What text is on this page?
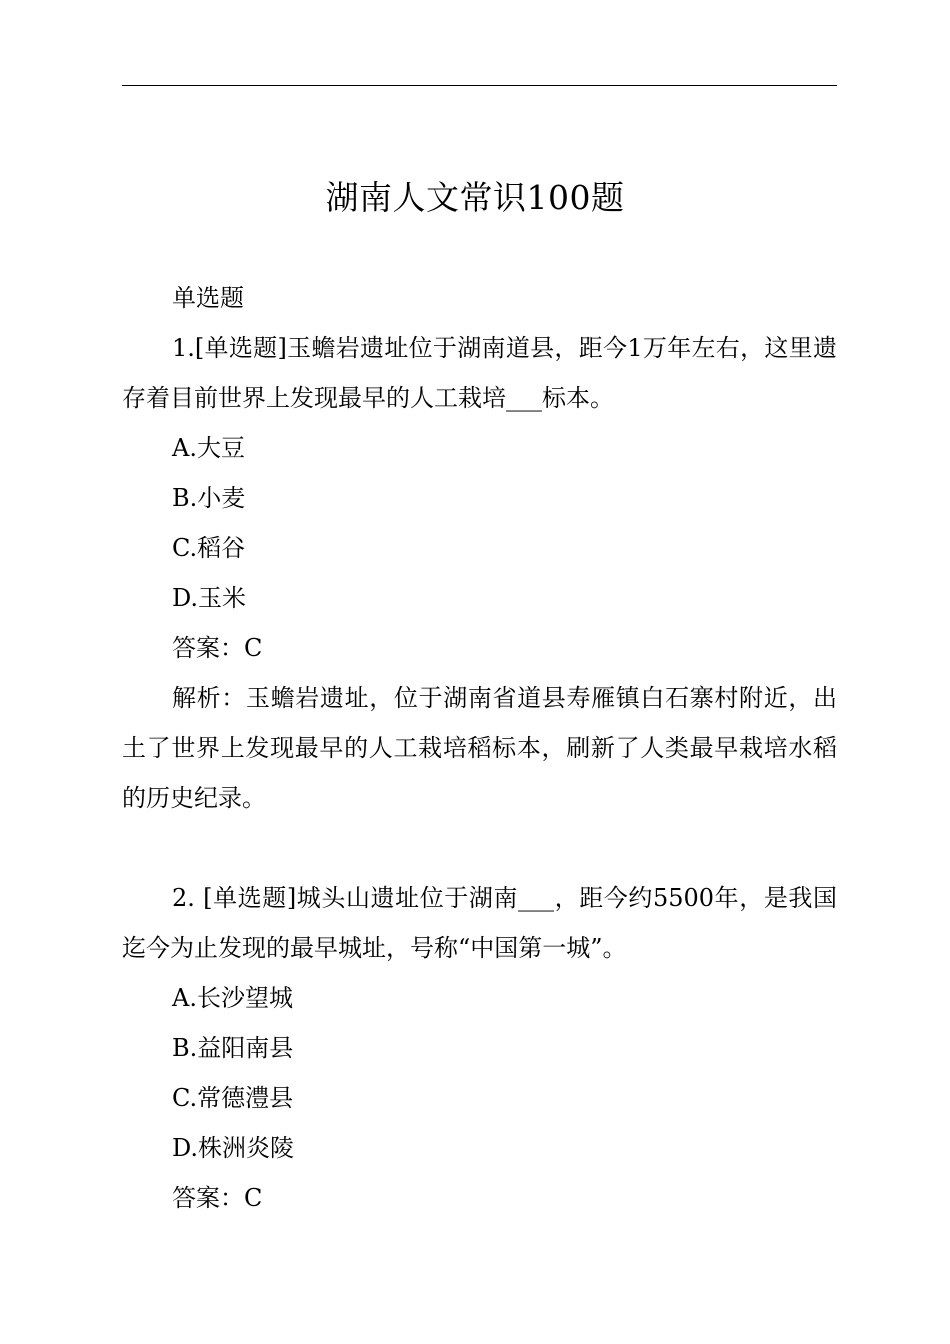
湖南人文常识100题

单选题

1.[单选题]玉蟾岩遗址位于湖南道县，距今1万年左右，这里遗存着目前世界上发现最早的人工栽培___标本。

A.大豆

B.小麦

C.稻谷

D.玉米

答案：C

解析：玉蟾岩遗址，位于湖南省道县寿雁镇白石寨村附近，出土了世界上发现最早的人工栽培稻标本，刷新了人类最早栽培水稻的历史纪录。

2. [单选题]城头山遗址位于湖南___，距今约5500年，是我国迄今为止发现的最早城址，号称“中国第一城”。

A.长沙望城

B.益阳南县

C.常德澧县

D.株洲炎陵

答案：C
